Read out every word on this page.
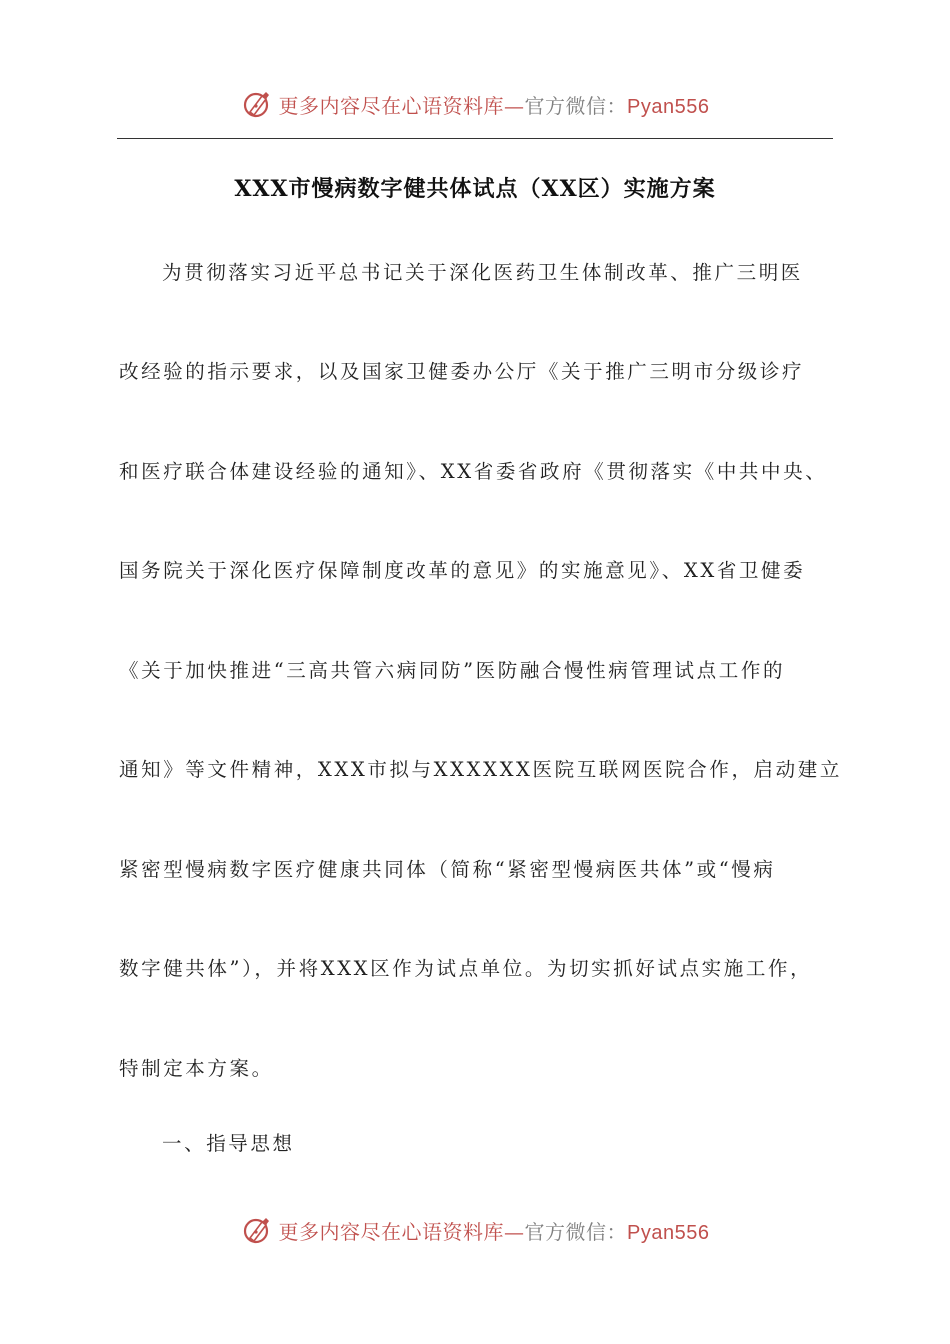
更多内容尽在心语资料库—官方微信：Pyan556
XXX市慢病数字健共体试点（XX区）实施方案
为贯彻落实习近平总书记关于深化医药卫生体制改革、推广三明医
改经验的指示要求，以及国家卫健委办公厅《关于推广三明市分级诊疗
和医疗联合体建设经验的通知》、XX省委省政府《贯彻落实《中共中央、
国务院关于深化医疗保障制度改革的意见》的实施意见》、XX省卫健委
《关于加快推进“三高共管六病同防”医防融合慢性病管理试点工作的
通知》等文件精神，XXX市拟与XXXXXX医院互联网医院合作，启动建立
紧密型慢病数字医疗健康共同体（简称“紧密型慢病医共体”或“慢病
数字健共体”），并将XXX区作为试点单位。为切实抓好试点实施工作，
特制定本方案。
一、指导思想
更多内容尽在心语资料库—官方微信：Pyan556
